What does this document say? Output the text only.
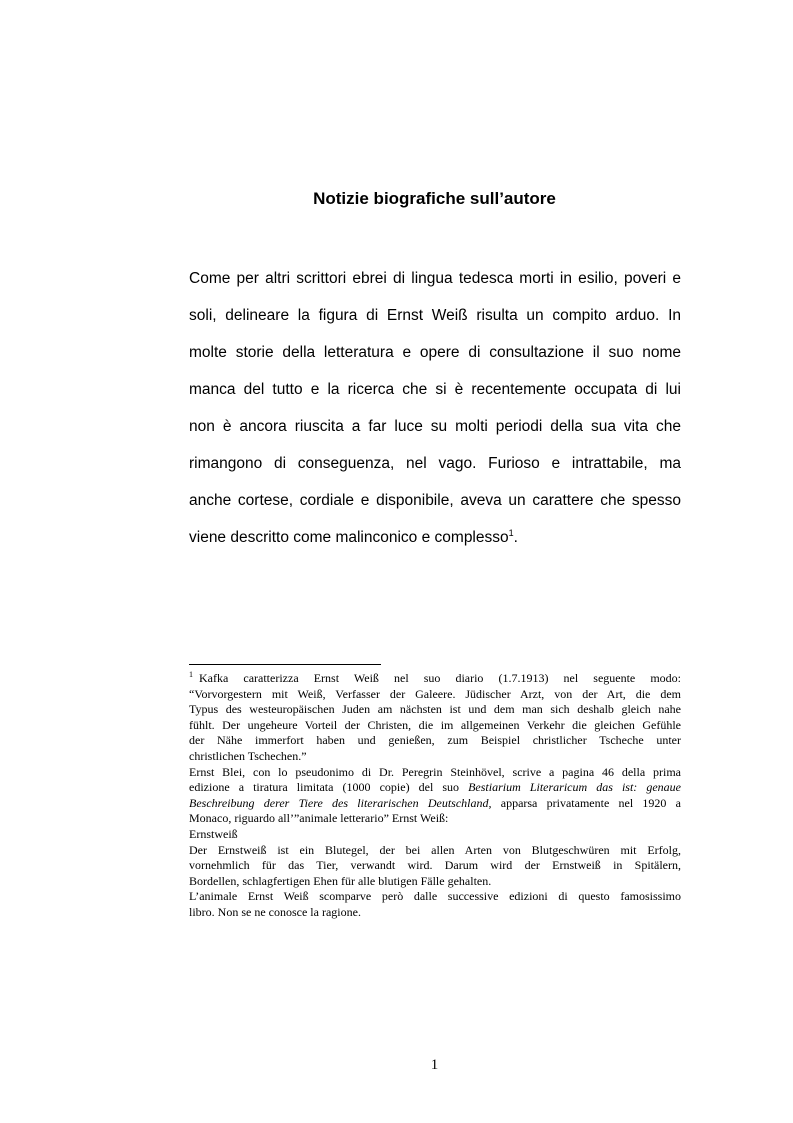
Notizie biografiche sull’autore
Come per altri scrittori ebrei di lingua tedesca morti in esilio, poveri e
soli, delineare la figura di Ernst Weiß risulta un compito arduo. In
molte storie della letteratura e opere di consultazione il suo nome
manca del tutto e la ricerca che si è recentemente occupata di lui
non è ancora riuscita a far luce su molti periodi della sua vita che
rimangono di conseguenza, nel vago. Furioso e intrattabile, ma
anche cortese, cordiale e disponibile, aveva un carattere che spesso
viene descritto come malinconico e complesso$^1$.
$^1$ Kafka caratterizza Ernst Weiß nel suo diario (1.7.1913) nel seguente modo:
“Vorvorgestern mit Weiß, Verfasser der Galeere. Jüdischer Arzt, von der Art, die dem
Typus des westeuropäischen Juden am nächsten ist und dem man sich deshalb gleich nahe
fühlt. Der ungeheure Vorteil der Christen, die im allgemeinen Verkehr die gleichen Gefühle
der Nähe immerfort haben und genießen, zum Beispiel christlicher Tscheche unter
christlichen Tschechen.”
Ernst Blei, con lo pseudonimo di Dr. Peregrin Steinhövel, scrive a pagina 46 della prima
edizione a tiratura limitata (1000 copie) del suo Bestiarium Literaricum das ist: genaue
Beschreibung derer Tiere des literarischen Deutschland, apparsa privatamente nel 1920 a
Monaco, riguardo all’”animale letterario” Ernst Weiß:
Ernstweiß
Der Ernstweiß ist ein Blutegel, der bei allen Arten von Blutgeschwüren mit Erfolg,
vornehmlich für das Tier, verwandt wird. Darum wird der Ernstweiß in Spitälern,
Bordellen, schlagfertigen Ehen für alle blutigen Fälle gehalten.
L’animale Ernst Weiß scomparve però dalle successive edizioni di questo famosissimo
libro. Non se ne conosce la ragione.
1
